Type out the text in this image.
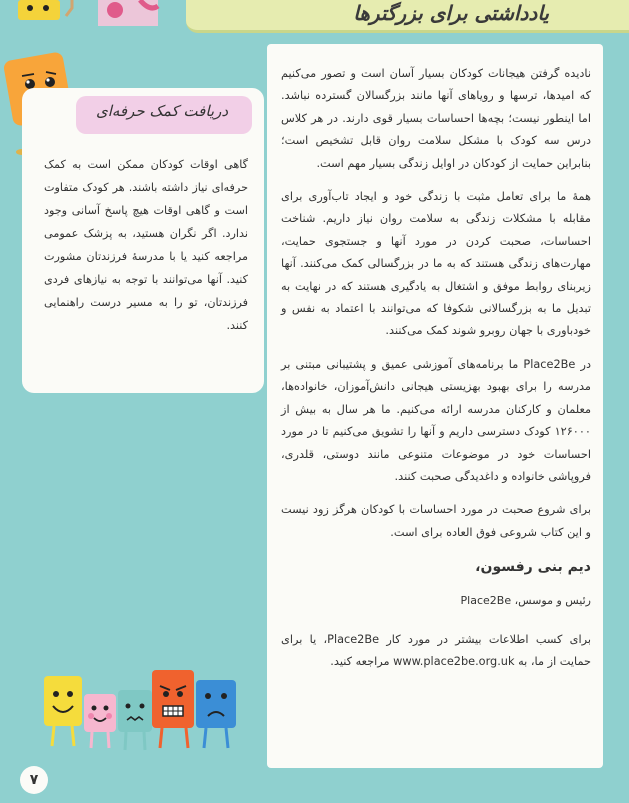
یادداشتی برای بزرگترها
گاهی اوقات کودکان ممکن است به کمک حرفه‌ای نیاز داشته باشند. هر کودک متفاوت است و گاهی اوقات هیچ پاسخ آسانی وجود ندارد. اگر نگران هستید، به پزشک عمومی مراجعه کنید یا با مدرسهٔ فرزندتان مشورت کنید. آنها می‌توانند با توجه به نیازهای فردی فرزندتان، تو را به مسیر درست راهنمایی کنند.
دریافت کمک حرفه‌ای

نادیده گرفتن هیجانات کودکان بسیار آسان است و تصور می‌کنیم که امیدها، ترسها و رویاهای آنها مانند بزرگسالان گسترده نباشد. اما اینطور نیست؛ بچه‌ها احساسات بسیار قوی دارند. در هر کلاس درس سه کودک با مشکل سلامت روان قابل تشخیص است؛ بنابراین حمایت از کودکان در اوایل زندگی بسیار مهم است.

همهٔ ما برای تعامل مثبت با زندگی خود و ایجاد تاب‌آوری برای مقابله با مشکلات زندگی به سلامت روان نیاز داریم. شناخت احساسات، صحبت کردن در مورد آنها و جستجوی حمایت، مهارت‌های زندگی هستند که به ما در بزرگسالی کمک می‌کنند. آنها زیربنای روابط موفق و اشتغال به یادگیری هستند که در نهایت به تبدیل ما به بزرگسالانی شکوفا که می‌توانند با اعتماد به نفس و خودباوری با جهان روبرو شوند کمک می‌کنند.

در Place2Be ما برنامه‌های آموزشی عمیق و پشتیبانی مبتنی بر مدرسه را برای بهبود بهزیستی هیجانی دانش‌آموزان، خانواده‌ها، معلمان و کارکنان مدرسه ارائه می‌کنیم. ما هر سال به بیش از ۱۲۶۰۰۰ کودک دسترسی داریم و آنها را تشویق می‌کنیم تا در مورد احساسات خود در موضوعات متنوعی مانند دوستی، قلدری، فروپاشی خانواده و داغدیدگی صحبت کنند.

برای شروع صحبت در مورد احساسات با کودکان هرگز زود نیست و این کتاب شروعی فوق العاده برای است.

دیم بنی رفسون،

رئیس و موسس، Place2Be

برای کسب اطلاعات بیشتر در مورد کار Place2Be، یا برای حمایت از ما، به www.place2be.org.uk مراجعه کنید.

۷
